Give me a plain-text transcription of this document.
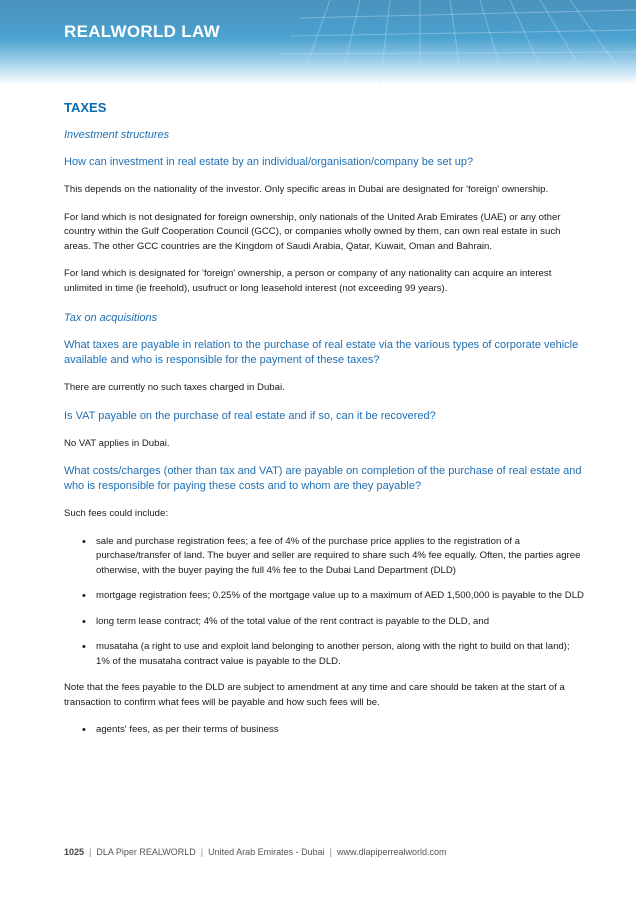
REALWORLD LAW
TAXES
Investment structures
How can investment in real estate by an individual/organisation/company be set up?

This depends on the nationality of the investor. Only specific areas in Dubai are designated for 'foreign' ownership.

For land which is not designated for foreign ownership, only nationals of the United Arab Emirates (UAE) or any other country within the Gulf Cooperation Council (GCC), or companies wholly owned by them, can own real estate in such areas. The other GCC countries are the Kingdom of Saudi Arabia, Qatar, Kuwait, Oman and Bahrain.

For land which is designated for 'foreign' ownership, a person or company of any nationality can acquire an interest unlimited in time (ie freehold), usufruct or long leasehold interest (not exceeding 99 years).

Tax on acquisitions
What taxes are payable in relation to the purchase of real estate via the various types of corporate vehicle available and who is responsible for the payment of these taxes?

There are currently no such taxes charged in Dubai.

Is VAT payable on the purchase of real estate and if so, can it be recovered?

No VAT applies in Dubai.

What costs/charges (other than tax and VAT) are payable on completion of the purchase of real estate and who is responsible for paying these costs and to whom are they payable?

Such fees could include:

• sale and purchase registration fees; a fee of 4% of the purchase price applies to the registration of a purchase/transfer of land. The buyer and seller are required to share such 4% fee equally. Often, the parties agree otherwise, with the buyer paying the full 4% fee to the Dubai Land Department (DLD)
• mortgage registration fees; 0.25% of the mortgage value up to a maximum of AED 1,500,000 is payable to the DLD
• long term lease contract; 4% of the total value of the rent contract is payable to the DLD, and
• musataha (a right to use and exploit land belonging to another person, along with the right to build on that land); 1% of the musataha contract value is payable to the DLD.

Note that the fees payable to the DLD are subject to amendment at any time and care should be taken at the start of a transaction to confirm what fees will be payable and how such fees will be.

• agents' fees, as per their terms of business
1025 | DLA Piper REALWORLD | United Arab Emirates - Dubai | www.dlapiperrealworld.com
